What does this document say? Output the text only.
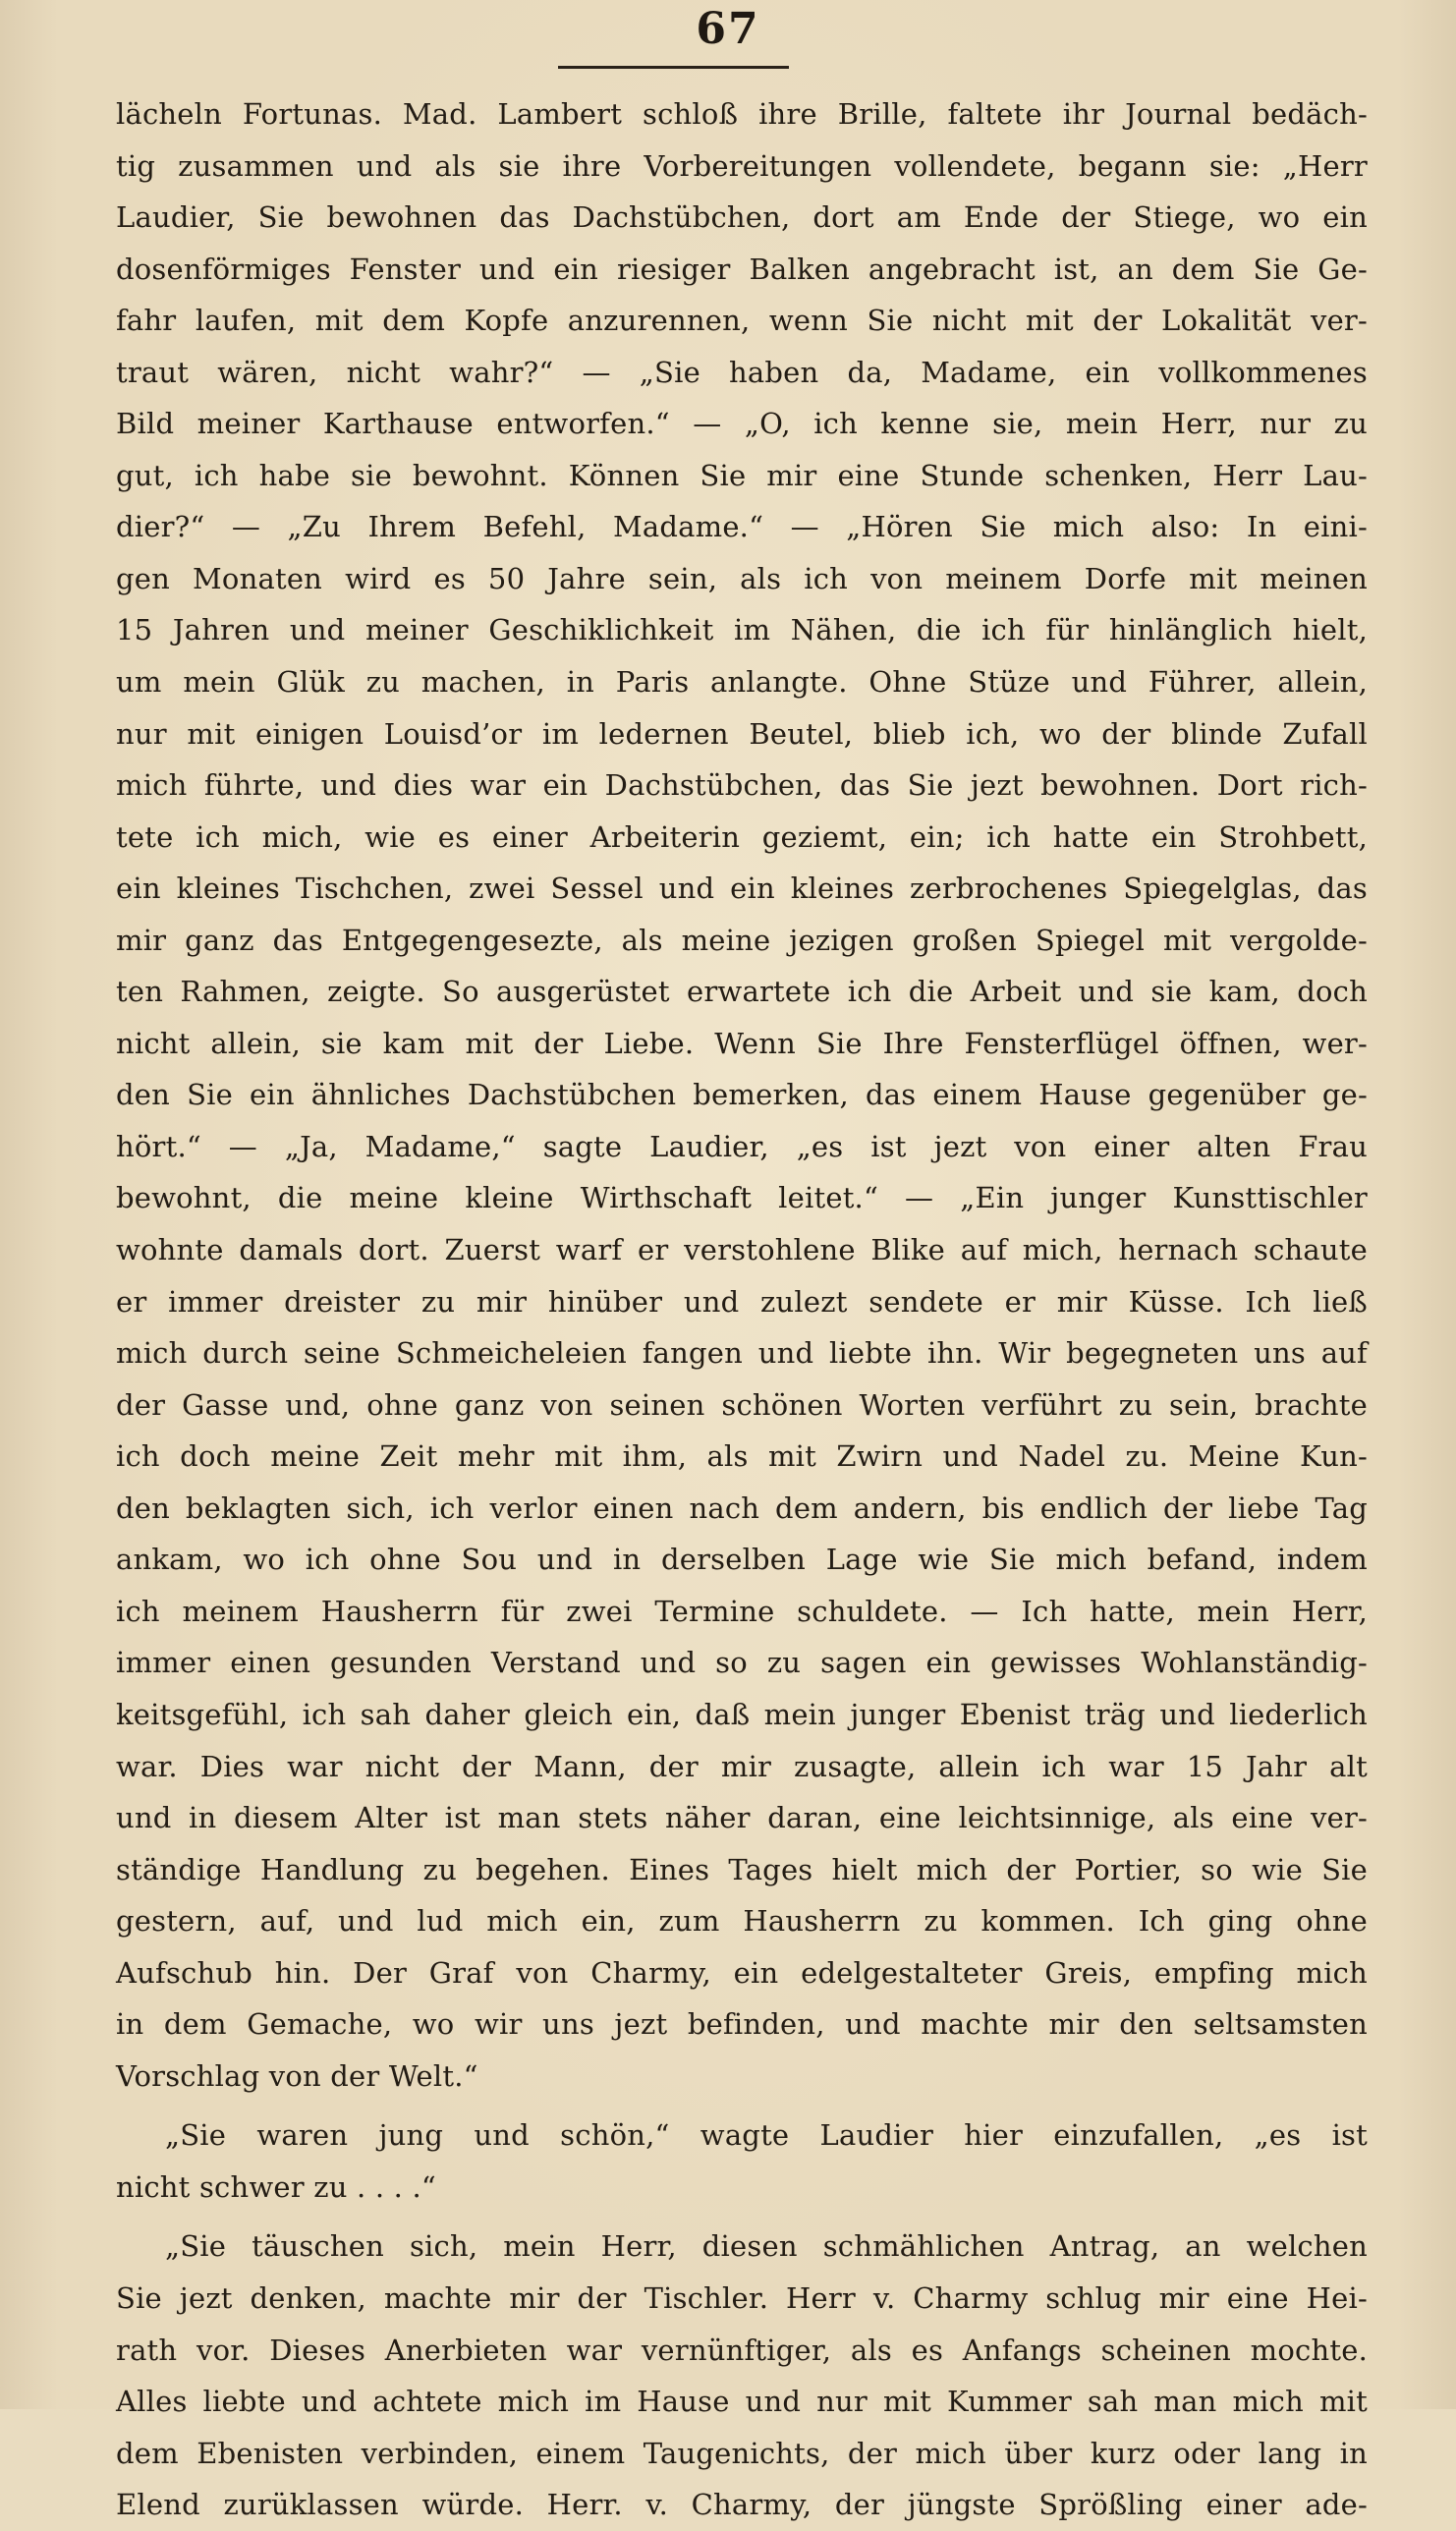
67
lächeln Fortunas. Mad. Lambert schloß ihre Brille, faltete ihr Journal bedäch-
tig zusammen und als sie ihre Vorbereitungen vollendete, begann sie: „Herr
Laudier, Sie bewohnen das Dachstübchen, dort am Ende der Stiege, wo ein
dosenförmiges Fenster und ein riesiger Balken angebracht ist, an dem Sie Ge-
fahr laufen, mit dem Kopfe anzurennen, wenn Sie nicht mit der Lokalität ver-
traut wären, nicht wahr?“ — „Sie haben da, Madame, ein vollkommenes
Bild meiner Karthause entworfen.“ — „O, ich kenne sie, mein Herr, nur zu
gut, ich habe sie bewohnt. Können Sie mir eine Stunde schenken, Herr Lau-
dier?“ — „Zu Ihrem Befehl, Madame.“ — „Hören Sie mich also: In eini-
gen Monaten wird es 50 Jahre sein, als ich von meinem Dorfe mit meinen
15 Jahren und meiner Geschiklichkeit im Nähen, die ich für hinlänglich hielt,
um mein Glük zu machen, in Paris anlangte. Ohne Stüze und Führer, allein,
nur mit einigen Louisd’or im ledernen Beutel, blieb ich, wo der blinde Zufall
mich führte, und dies war ein Dachstübchen, das Sie jezt bewohnen. Dort rich-
tete ich mich, wie es einer Arbeiterin geziemt, ein; ich hatte ein Strohbett,
ein kleines Tischchen, zwei Sessel und ein kleines zerbrochenes Spiegelglas, das
mir ganz das Entgegengesezte, als meine jezigen großen Spiegel mit vergolde-
ten Rahmen, zeigte. So ausgerüstet erwartete ich die Arbeit und sie kam, doch
nicht allein, sie kam mit der Liebe. Wenn Sie Ihre Fensterflügel öffnen, wer-
den Sie ein ähnliches Dachstübchen bemerken, das einem Hause gegenüber ge-
hört.“ — „Ja, Madame,“ sagte Laudier, „es ist jezt von einer alten Frau
bewohnt, die meine kleine Wirthschaft leitet.“ — „Ein junger Kunsttischler
wohnte damals dort. Zuerst warf er verstohlene Blike auf mich, hernach schaute
er immer dreister zu mir hinüber und zulezt sendete er mir Küsse. Ich ließ
mich durch seine Schmeicheleien fangen und liebte ihn. Wir begegneten uns auf
der Gasse und, ohne ganz von seinen schönen Worten verführt zu sein, brachte
ich doch meine Zeit mehr mit ihm, als mit Zwirn und Nadel zu. Meine Kun-
den beklagten sich, ich verlor einen nach dem andern, bis endlich der liebe Tag
ankam, wo ich ohne Sou und in derselben Lage wie Sie mich befand, indem
ich meinem Hausherrn für zwei Termine schuldete. — Ich hatte, mein Herr,
immer einen gesunden Verstand und so zu sagen ein gewisses Wohlanständig-
keitsgefühl, ich sah daher gleich ein, daß mein junger Ebenist träg und liederlich
war. Dies war nicht der Mann, der mir zusagte, allein ich war 15 Jahr alt
und in diesem Alter ist man stets näher daran, eine leichtsinnige, als eine ver-
ständige Handlung zu begehen. Eines Tages hielt mich der Portier, so wie Sie
gestern, auf, und lud mich ein, zum Hausherrn zu kommen. Ich ging ohne
Aufschub hin. Der Graf von Charmy, ein edelgestalteter Greis, empfing mich
in dem Gemache, wo wir uns jezt befinden, und machte mir den seltsamsten
Vorschlag von der Welt.“
„Sie waren jung und schön,“ wagte Laudier hier einzufallen, „es ist
nicht schwer zu . . . .“
„Sie täuschen sich, mein Herr, diesen schmählichen Antrag, an welchen
Sie jezt denken, machte mir der Tischler. Herr v. Charmy schlug mir eine Hei-
rath vor. Dieses Anerbieten war vernünftiger, als es Anfangs scheinen mochte.
Alles liebte und achtete mich im Hause und nur mit Kummer sah man mich mit
dem Ebenisten verbinden, einem Taugenichts, der mich über kurz oder lang in
Elend zurüklassen würde. Herr. v. Charmy, der jüngste Sprößling einer ade-
